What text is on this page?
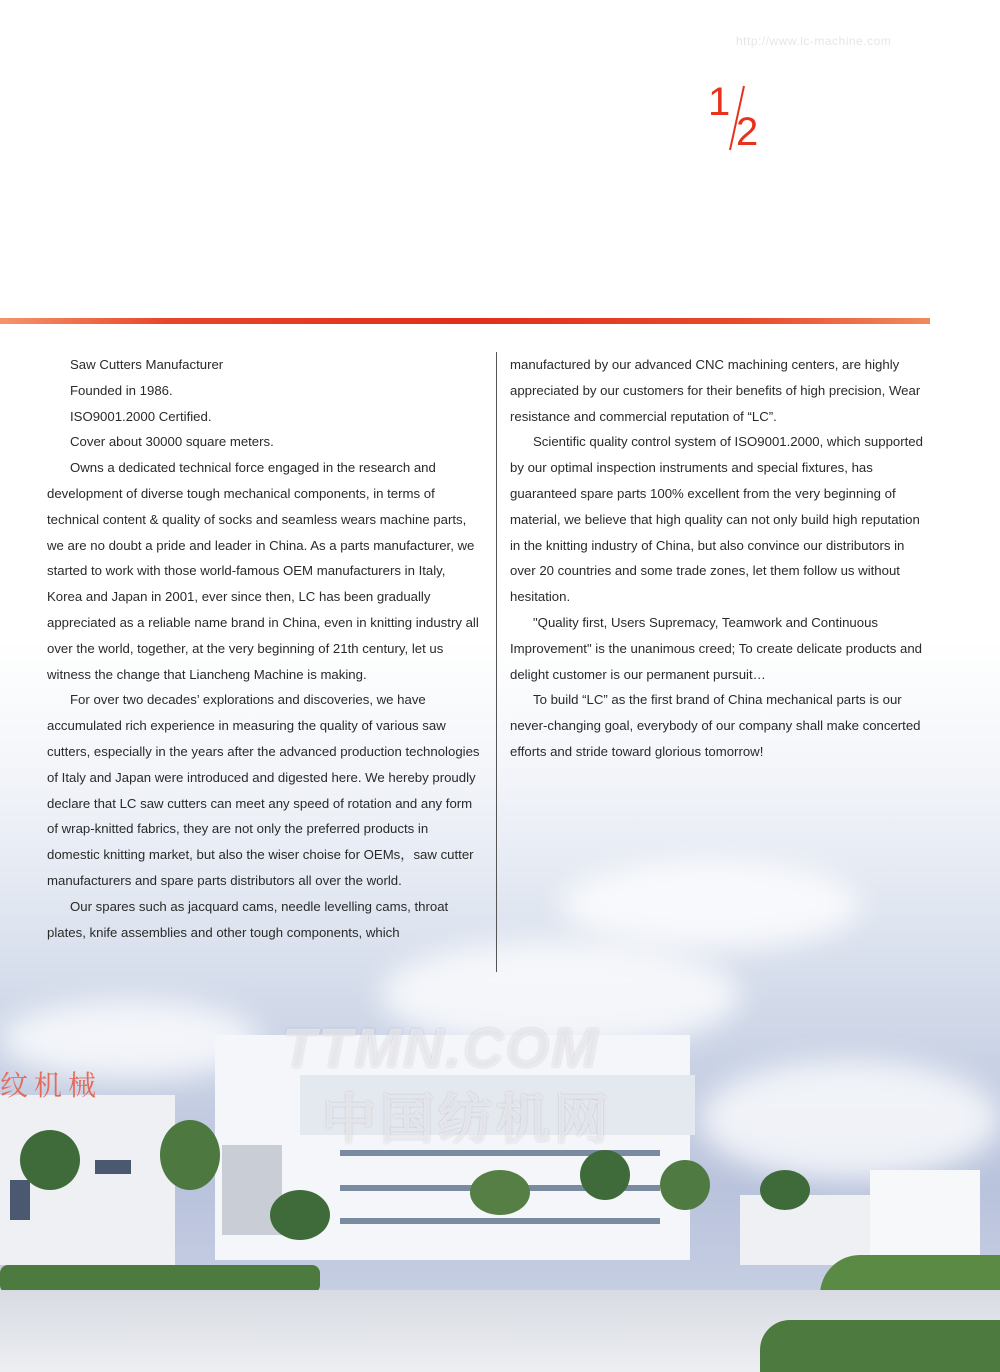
纹机械
TTMN.COM
中国纺机网
http://www.lc-machine.com
1
2

Saw Cutters Manufacturer

Founded in 1986.

ISO9001.2000 Certified.

Cover about 30000 square meters.

Owns a dedicated technical force engaged in the research and development of diverse tough mechanical components, in terms of technical content & quality of socks and seamless wears machine parts, we are no doubt a pride and leader in China. As a parts manufacturer, we started to work with those world-famous OEM manufacturers in Italy, Korea and Japan in 2001, ever since then, LC has been gradually appreciated as a reliable name brand in China, even in knitting industry all over the world, together, at the very beginning of 21th century, let us witness the change that Liancheng Machine is making.

For over two decades’ explorations and discoveries, we have accumulated rich experience in measuring the quality of various saw cutters, especially in the years after the advanced production technologies of Italy and Japan were introduced and digested here. We hereby proudly declare that LC saw cutters can meet any speed of rotation and any form of wrap-knitted fabrics, they are not only the preferred products in domestic knitting market, but also the wiser choise for OEMs，saw cutter manufacturers and spare parts distributors all over the world.

Our spares such as jacquard cams, needle levelling cams, throat plates, knife assemblies and other tough components, which

manufactured by our advanced CNC machining centers, are highly appreciated by our customers for their benefits of high precision, Wear resistance and commercial reputation of “LC”.

Scientific quality control system of ISO9001.2000, which supported by our optimal inspection instruments and special fixtures, has guaranteed spare parts 100% excellent from the very beginning of material, we believe that high quality can not only build high reputation in the knitting industry of China, but also convince our distributors in over 20 countries and some trade zones, let them follow us without hesitation.

"Quality first, Users Supremacy, Teamwork and Continuous Improvement" is the unanimous creed; To create delicate products and delight customer is our permanent pursuit…

To build “LC” as the first brand of China mechanical parts is our never-changing goal, everybody of our company shall make concerted efforts and stride toward glorious tomorrow!
